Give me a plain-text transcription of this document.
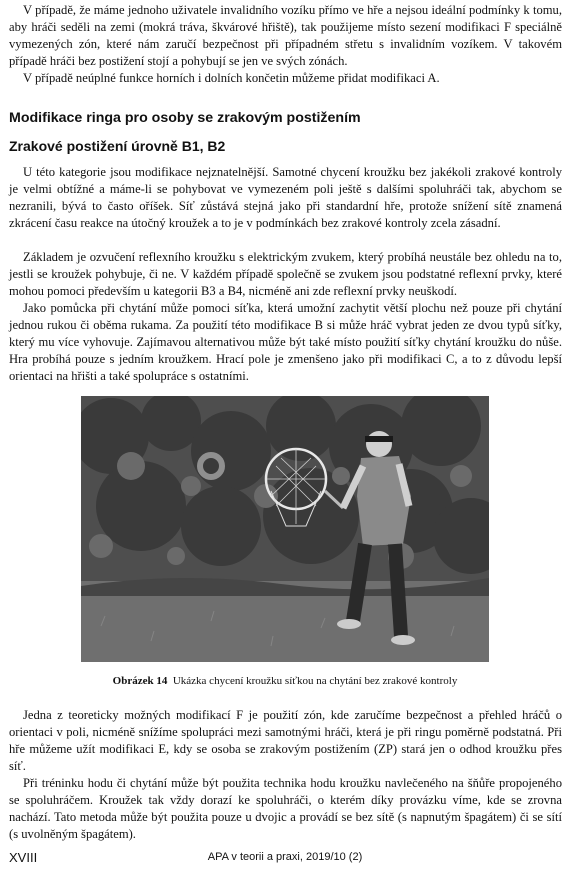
V případě, že máme jednoho uživatele invalidního vozíku přímo ve hře a nejsou ideální podmínky k tomu, aby hráči seděli na zemi (mokrá tráva, škvárové hřiště), tak použijeme místo sezení modifikaci F speciálně vymezených zón, které nám zaručí bezpečnost při případném střetu s invalidním vozíkem. V takovém případě hráči bez postižení stojí a pohybují se jen ve svých zónách.

V případě neúplné funkce horních i dolních končetin můžeme přidat modifikaci A.

Modifikace ringa pro osoby se zrakovým postižením
Zrakové postižení úrovně B1, B2

U této kategorie jsou modifikace nejznatelnější. Samotné chycení kroužku bez jakékoli zrakové kontroly je velmi obtížné a máme-li se pohybovat ve vymezeném poli ještě s dalšími spoluhráči tak, abychom se nezranili, bývá to často oříšek. Síť zůstává stejná jako při standardní hře, protože snížení sítě znamená zkrácení času reakce na útočný kroužek a to je v podmínkách bez zrakové kontroly zcela zásadní.

Základem je ozvučení reflexního kroužku s elektrickým zvukem, který probíhá neustále bez ohledu na to, jestli se kroužek pohybuje, či ne. V každém případě společně se zvukem jsou podstatné reflexní prvky, které mohou pomoci především u kategorii B3 a B4, nicméně ani zde reflexní prvky neuškodí.

Jako pomůcka při chytání může pomoci síťka, která umožní zachytit větší plochu než pouze při chytání jednou rukou či oběma rukama. Za použití této modifikace B si může hráč vybrat jeden ze dvou typů síťky, který mu více vyhovuje. Zajímavou alternativou může být také místo použití síťky chytání kroužku do nůše. Hra probíhá pouze s jedním kroužkem. Hrací pole je zmenšeno jako při modifikaci C, a to z důvodu lepší orientaci na hřišti a také spolupráce s ostatními.

Obrázek 14 Ukázka chycení kroužku síťkou na chytání bez zrakové kontroly

Jedna z teoreticky možných modifikací F je použití zón, kde zaručíme bezpečnost a přehled hráčů o orientaci v poli, nicméně snížíme spolupráci mezi samotnými hráči, která je při ringu poměrně podstatná. Při hře můžeme užít modifikaci E, kdy se osoba se zrakovým postižením (ZP) stará jen o odhod kroužku přes síť.

Při tréninku hodu či chytání může být použita technika hodu kroužku navlečeného na šňůře propojeného se spoluhráčem. Kroužek tak vždy dorazí ke spoluhráči, o kterém díky provázku víme, kde se zrovna nachází. Tato metoda může být použita pouze u dvojic a provádí se bez sítě (s napnutým špagátem) či se sítí (s uvolněným špagátem).

XVIII	APA v teorii a praxi, 2019/10 (2)
